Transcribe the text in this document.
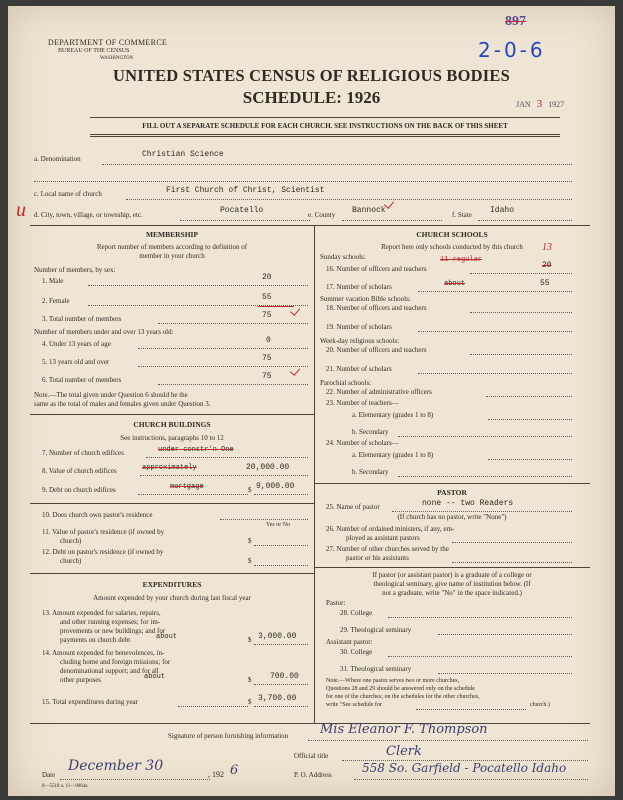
DEPARTMENT OF COMMERCE
BUREAU OF THE CENSUS
WASHINGTON
UNITED STATES CENSUS OF RELIGIOUS BODIES
SCHEDULE: 1926
897
2-0-6
JAN 3 1927
FILL OUT A SEPARATE SCHEDULE FOR EACH CHURCH. SEE INSTRUCTIONS ON THE BACK OF THIS SHEET
a. Denomination	Christian Science
c. Local name of church	First Church of Christ, Scientist
u d. City, town, village, or township, etc.	Pocatello	e. County Bannock	f. State Idaho
MEMBERSHIP
Report number of members according to definition of
member in your church
Number of members, by sex:
1. Male	20
2. Female	55
3. Total number of members	75
Number of members under and over 13 years old:
4. Under 13 years of age	0
5. 13 years old and over	75
6. Total number of members	75
Note.—The total given under Question 6 should be the
same as the total of males and females given under Question 3.
CHURCH BUILDINGS
See instructions, paragraphs 10 to 12
7. Number of church edifices	under constr'n One
8. Value of church edifices	approximately	20,000.00
9. Debt on church edifices	mortgage	$ 9,000.00
10. Does church own pastor's residence
Yes or No
11. Value of pastor's residence (if owned by
church)	$
12. Debt on pastor's residence (if owned by
church)	$
EXPENDITURES
Amount expended by your church during last fiscal year
13. Amount expended for salaries, repairs,
and other running expenses; for im-
provements or new buildings; and for
payments on church debt	about	$ 3,000.00
14. Amount expended for benevolences, in-
cluding home and foreign missions; for
denominational support; and for all
other purposes	about	$ 700.00
15. Total expenditures during year	$ 3,700.00
CHURCH SCHOOLS
Report here only schools conducted by this church
Sunday schools:	11 regular
13
16. Number of officers and teachers	20
17. Number of scholars	about	55
Summer vacation Bible schools:
18. Number of officers and teachers
19. Number of scholars
Week-day religious schools:
20. Number of officers and teachers
21. Number of scholars
Parochial schools:
22. Number of administrative officers
23. Number of teachers—
a. Elementary (grades 1 to 8)
b. Secondary
24. Number of scholars—
a. Elementary (grades 1 to 8)
b. Secondary
PASTOR
25. Name of pastor	none -- two Readers
(If church has no pastor, write "None")
26. Number of ordained ministers, if any, em-
ployed as assistant pastors
27. Number of other churches served by the
pastor or his assistants
If pastor (or assistant pastor) is a graduate of a college or
theological seminary, give name of institution below. (If
not a graduate, write "No" in the space indicated.)
Pastor:
28. College
29. Theological seminary
Assistant pastor:
30. College
31. Theological seminary
Note.—Where one pastor serves two or more churches,
Questions 28 and 29 should be answered only on the schedule
for one of the churches; on the schedules for the other churches,
write "See schedule for	church.)
Signature of person furnishing information Mis Eleanor F. Thompson
Official title	Clerk
Date
December 30
, 192 6	P. O. Address	558 So. Garfield - Pocatello Idaho
8—5518 a. 11—9064a
